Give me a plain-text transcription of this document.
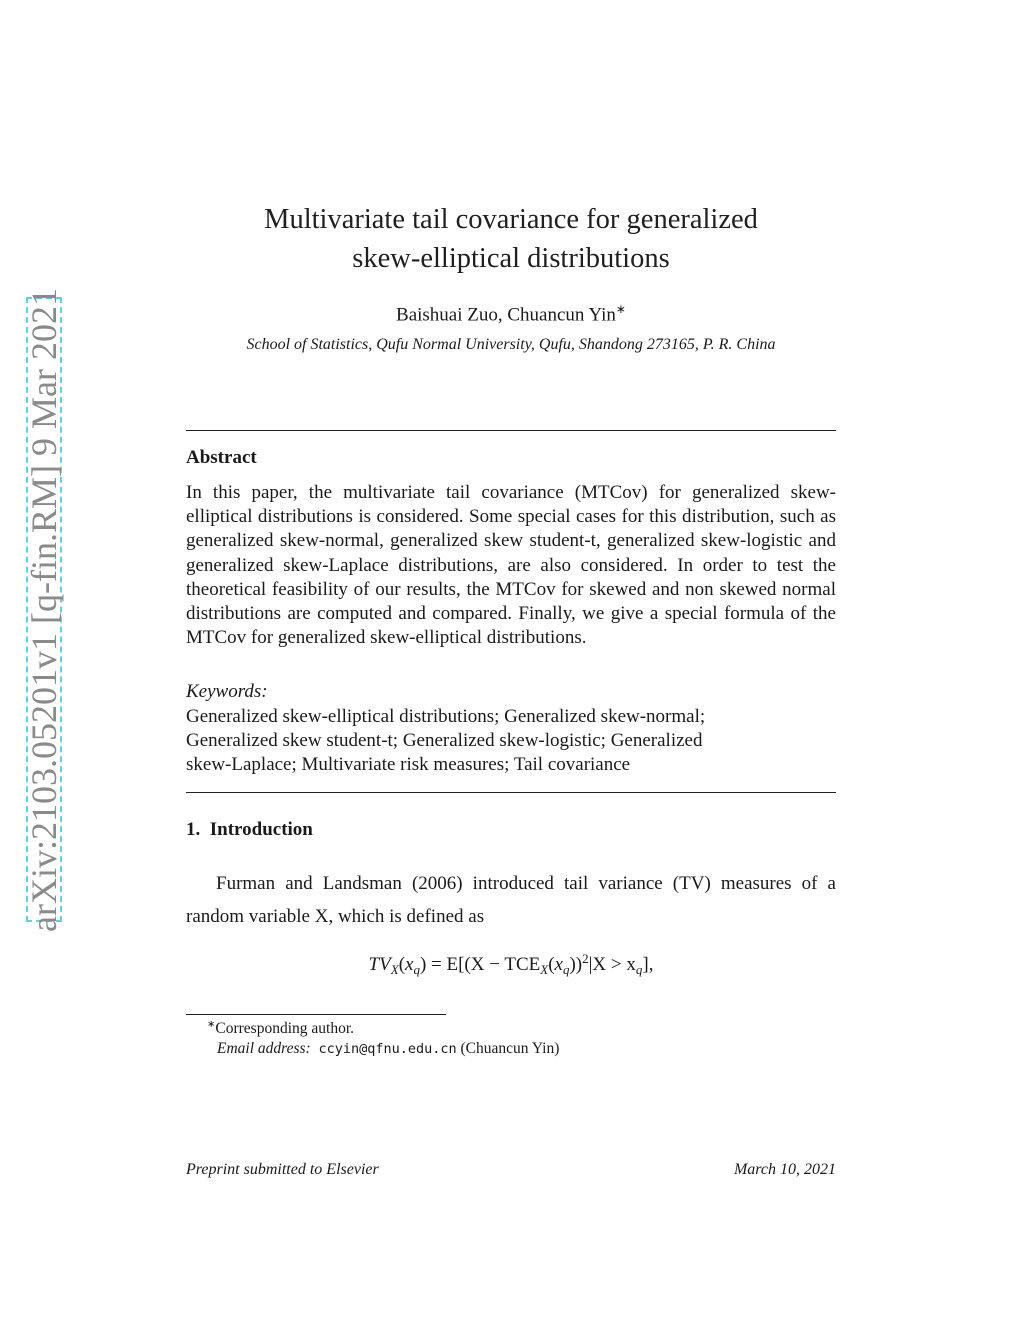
arXiv:2103.05201v1 [q-fin.RM] 9 Mar 2021
Multivariate tail covariance for generalized
skew-elliptical distributions
Baishuai Zuo, Chuancun Yin∗
School of Statistics, Qufu Normal University, Qufu, Shandong 273165, P. R. China
Abstract

In this paper, the multivariate tail covariance (MTCov) for generalized skew-elliptical distributions is considered. Some special cases for this distribution, such as generalized skew-normal, generalized skew student-t, generalized skew-logistic and generalized skew-Laplace distributions, are also considered. In order to test the theoretical feasibility of our results, the MTCov for skewed and non skewed normal distributions are computed and compared. Finally, we give a special formula of the MTCov for generalized skew-elliptical distributions.

Keywords:
Generalized skew-elliptical distributions; Generalized skew-normal;
Generalized skew student-t; Generalized skew-logistic; Generalized
skew-Laplace; Multivariate risk measures; Tail covariance
1. Introduction

Furman and Landsman (2006) introduced tail variance (TV) measures of a random variable X, which is defined as

$TV_X(x_q) = E[(X - TCE_X(x_q))^2|X > x_q]$,
∗Corresponding author.
Email address: ccyin@qfnu.edu.cn (Chuancun Yin)
Preprint submitted to Elsevier	March 10, 2021
